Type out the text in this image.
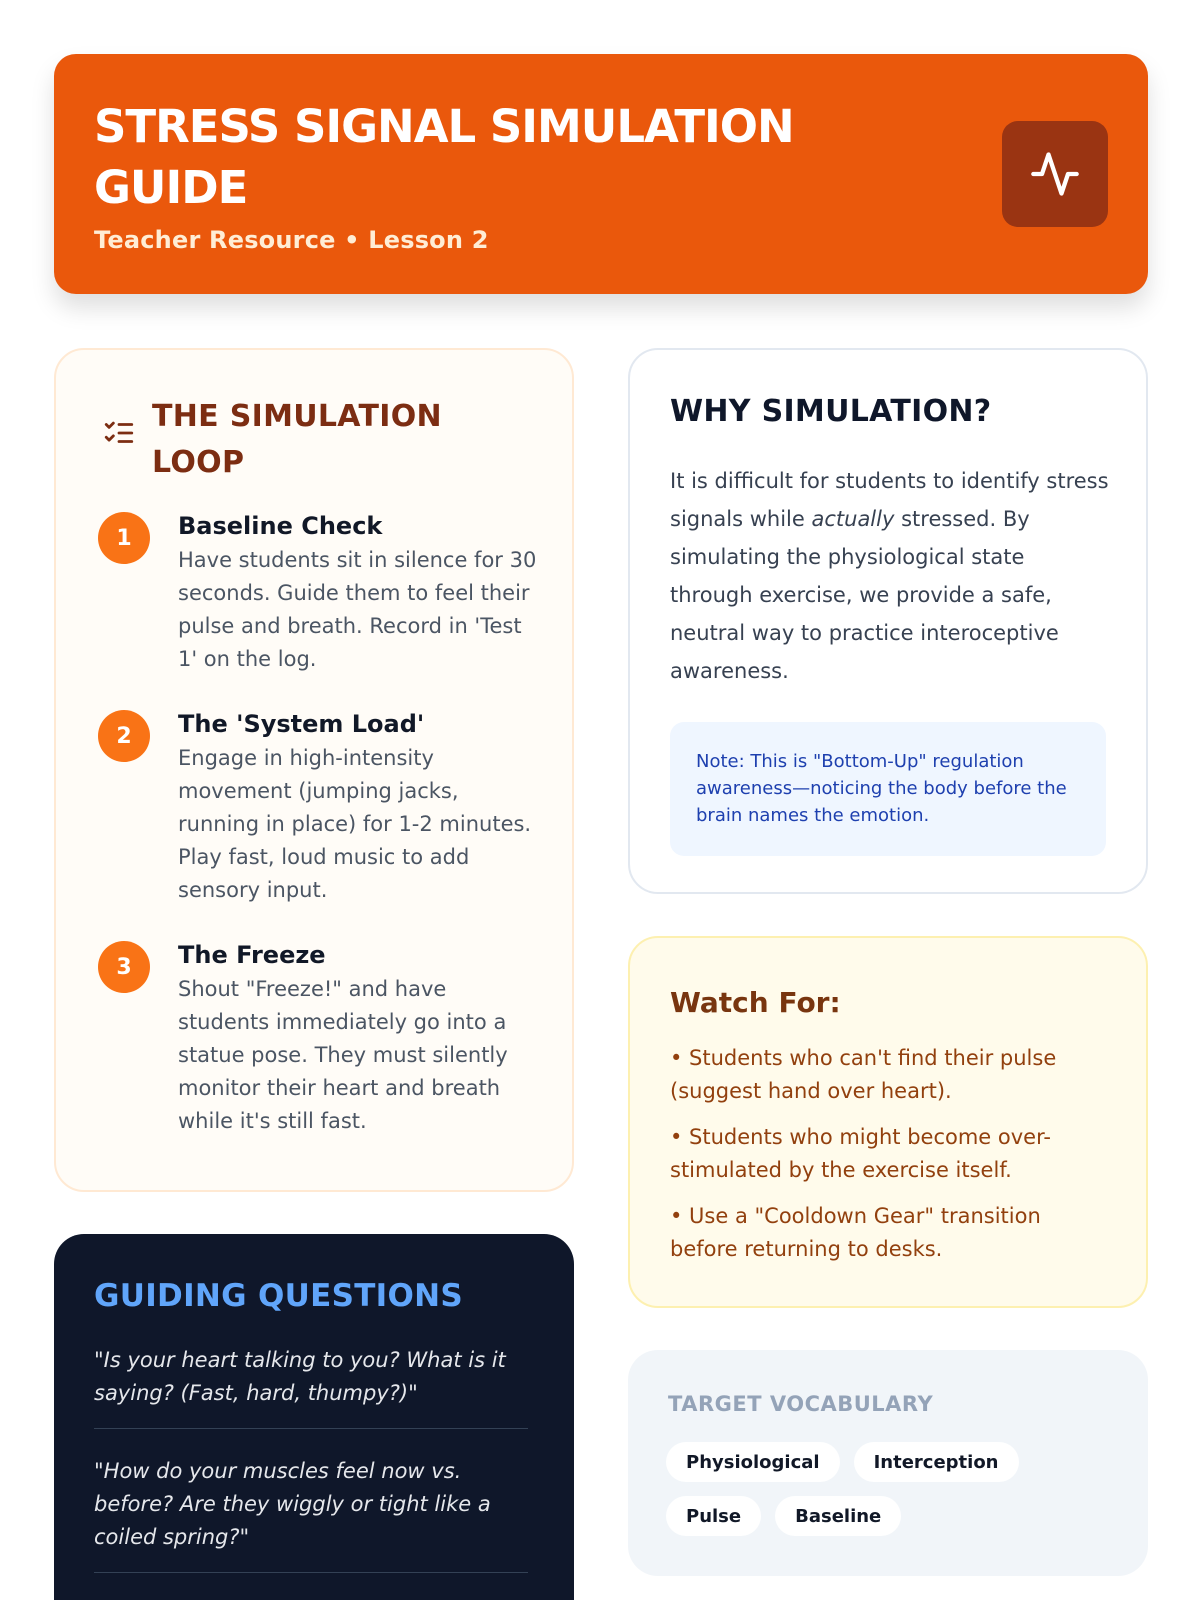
STRESS SIGNAL SIMULATION GUIDE
Teacher Resource • Lesson 2
THE SIMULATION LOOP
1	Baseline Check
Have students sit in silence for 30 seconds. Guide them to feel their pulse and breath. Record in 'Test 1' on the log.
2	The 'System Load'
Engage in high-intensity movement (jumping jacks, running in place) for 1-2 minutes. Play fast, loud music to add sensory input.
3	The Freeze
Shout "Freeze!" and have students immediately go into a statue pose. They must silently monitor their heart and breath while it's still fast.
WHY SIMULATION?

It is difficult for students to identify stress signals while actually stressed. By simulating the physiological state through exercise, we provide a safe, neutral way to practice interoceptive awareness.

Note: This is "Bottom-Up" regulation awareness—noticing the body before the brain names the emotion.
Watch For:
• Students who can't find their pulse (suggest hand over heart).
• Students who might become over-stimulated by the exercise itself.
• Use a "Cooldown Gear" transition before returning to desks.
GUIDING QUESTIONS
"Is your heart talking to you? What is it saying? (Fast, hard, thumpy?)"
"How do your muscles feel now vs. before? Are they wiggly or tight like a coiled spring?"
TARGET VOCABULARY
Physiological	Interception
Pulse	Baseline
